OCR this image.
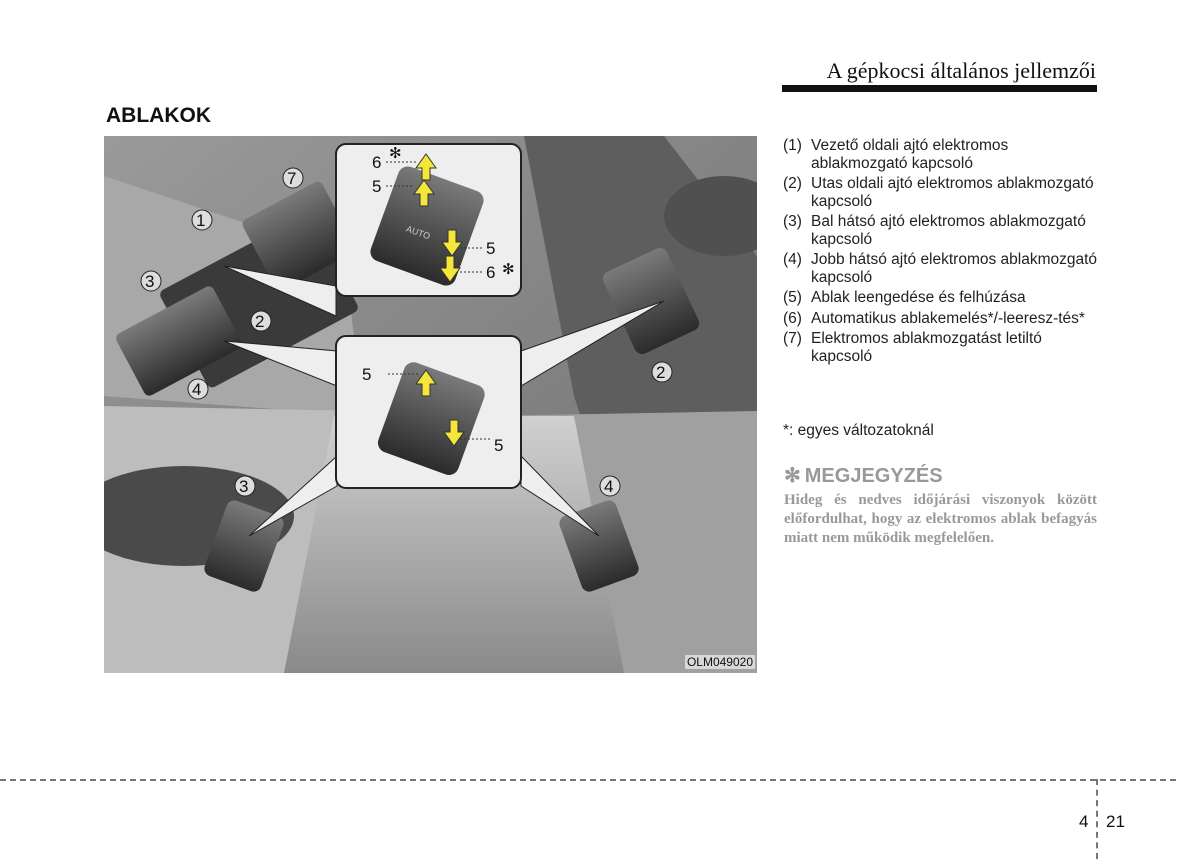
A gépkocsi általános jellemzői
ABLAKOK
6
5
5
6
✻
✻
AUTO
5
5
1
7
3
2
4
2
3	4
OLM049020
(1) Vezető oldali ajtó elektromos ablakmozgató kapcsoló
(2) Utas oldali ajtó elektromos ablakmozgató kapcsoló
(3) Bal hátsó ajtó elektromos ablakmozgató kapcsoló
(4) Jobb hátsó ajtó elektromos ablakmozgató kapcsoló
(5) Ablak leengedése és felhúzása
(6) Automatikus ablakemelés*/-leeresz-tés*
(7) Elektromos ablakmozgatást letiltó kapcsoló
*: egyes változatoknál
✻ MEGJEGYZÉS

Hideg és nedves időjárási viszonyok között előfordulhat, hogy az elektromos ablak befagyás miatt nem működik megfelelően.

4 21
